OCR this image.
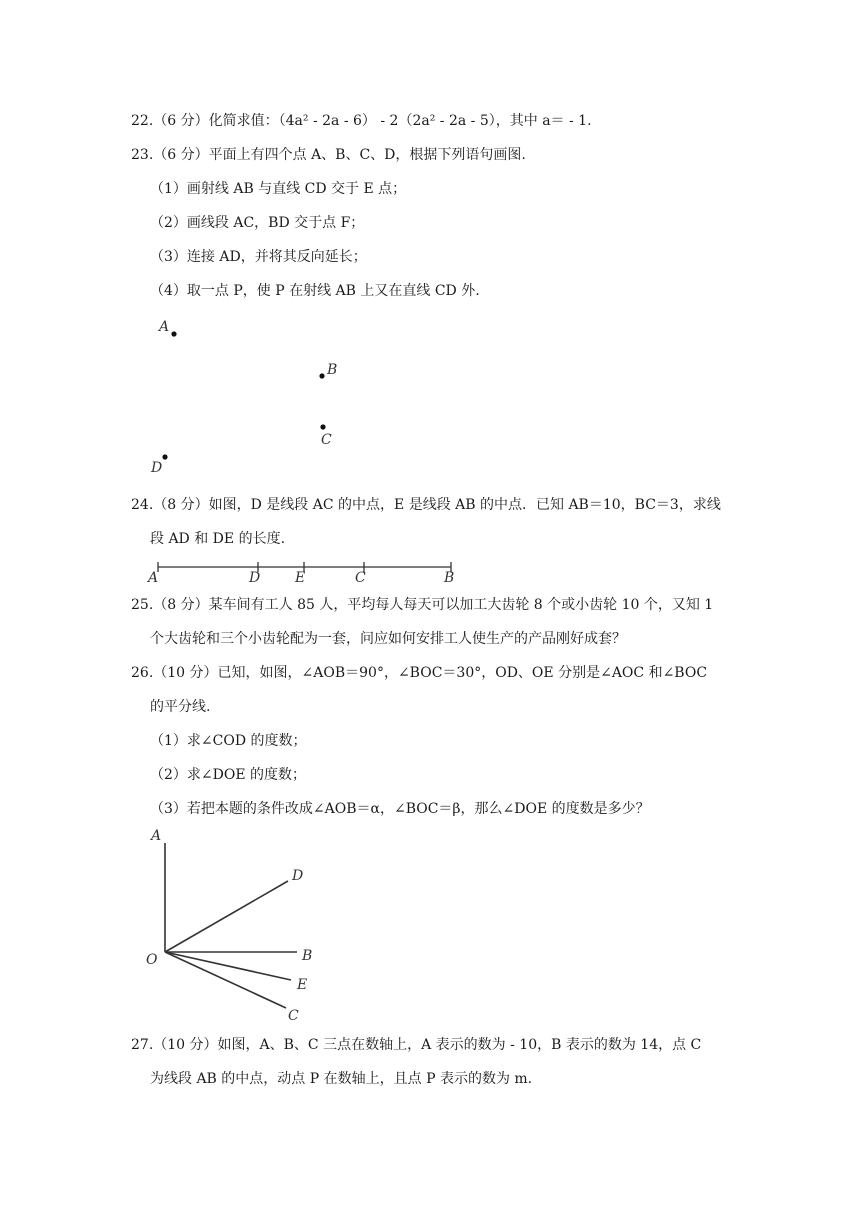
22.（6 分）化简求值：（4a² - 2a - 6） - 2（2a² - 2a - 5），其中 a＝ - 1.
23.（6 分）平面上有四个点 A、B、C、D，根据下列语句画图.
（1）画射线 AB 与直线 CD 交于 E 点；
（2）画线段 AC，BD 交于点 F；
（3）连接 AD，并将其反向延长；
（4）取一点 P，使 P 在射线 AB 上又在直线 CD 外.
A
B
C
D
24.（8 分）如图，D 是线段 AC 的中点，E 是线段 AB 的中点．已知 AB＝10，BC＝3，求线
段 AD 和 DE 的长度.
A	D E	C	B
25.（8 分）某车间有工人 85 人，平均每人每天可以加工大齿轮 8 个或小齿轮 10 个，又知 1
个大齿轮和三个小齿轮配为一套，问应如何安排工人使生产的产品刚好成套？
26.（10 分）已知，如图，∠AOB＝90°，∠BOC＝30°，OD、OE 分别是∠AOC 和∠BOC
的平分线.
（1）求∠COD 的度数；
（2）求∠DOE 的度数；
（3）若把本题的条件改成∠AOB＝α，∠BOC＝β，那么∠DOE 的度数是多少？
A
D
O	B
E
C
27.（10 分）如图，A、B、C 三点在数轴上，A 表示的数为 - 10，B 表示的数为 14，点 C
为线段 AB 的中点，动点 P 在数轴上，且点 P 表示的数为 m.
